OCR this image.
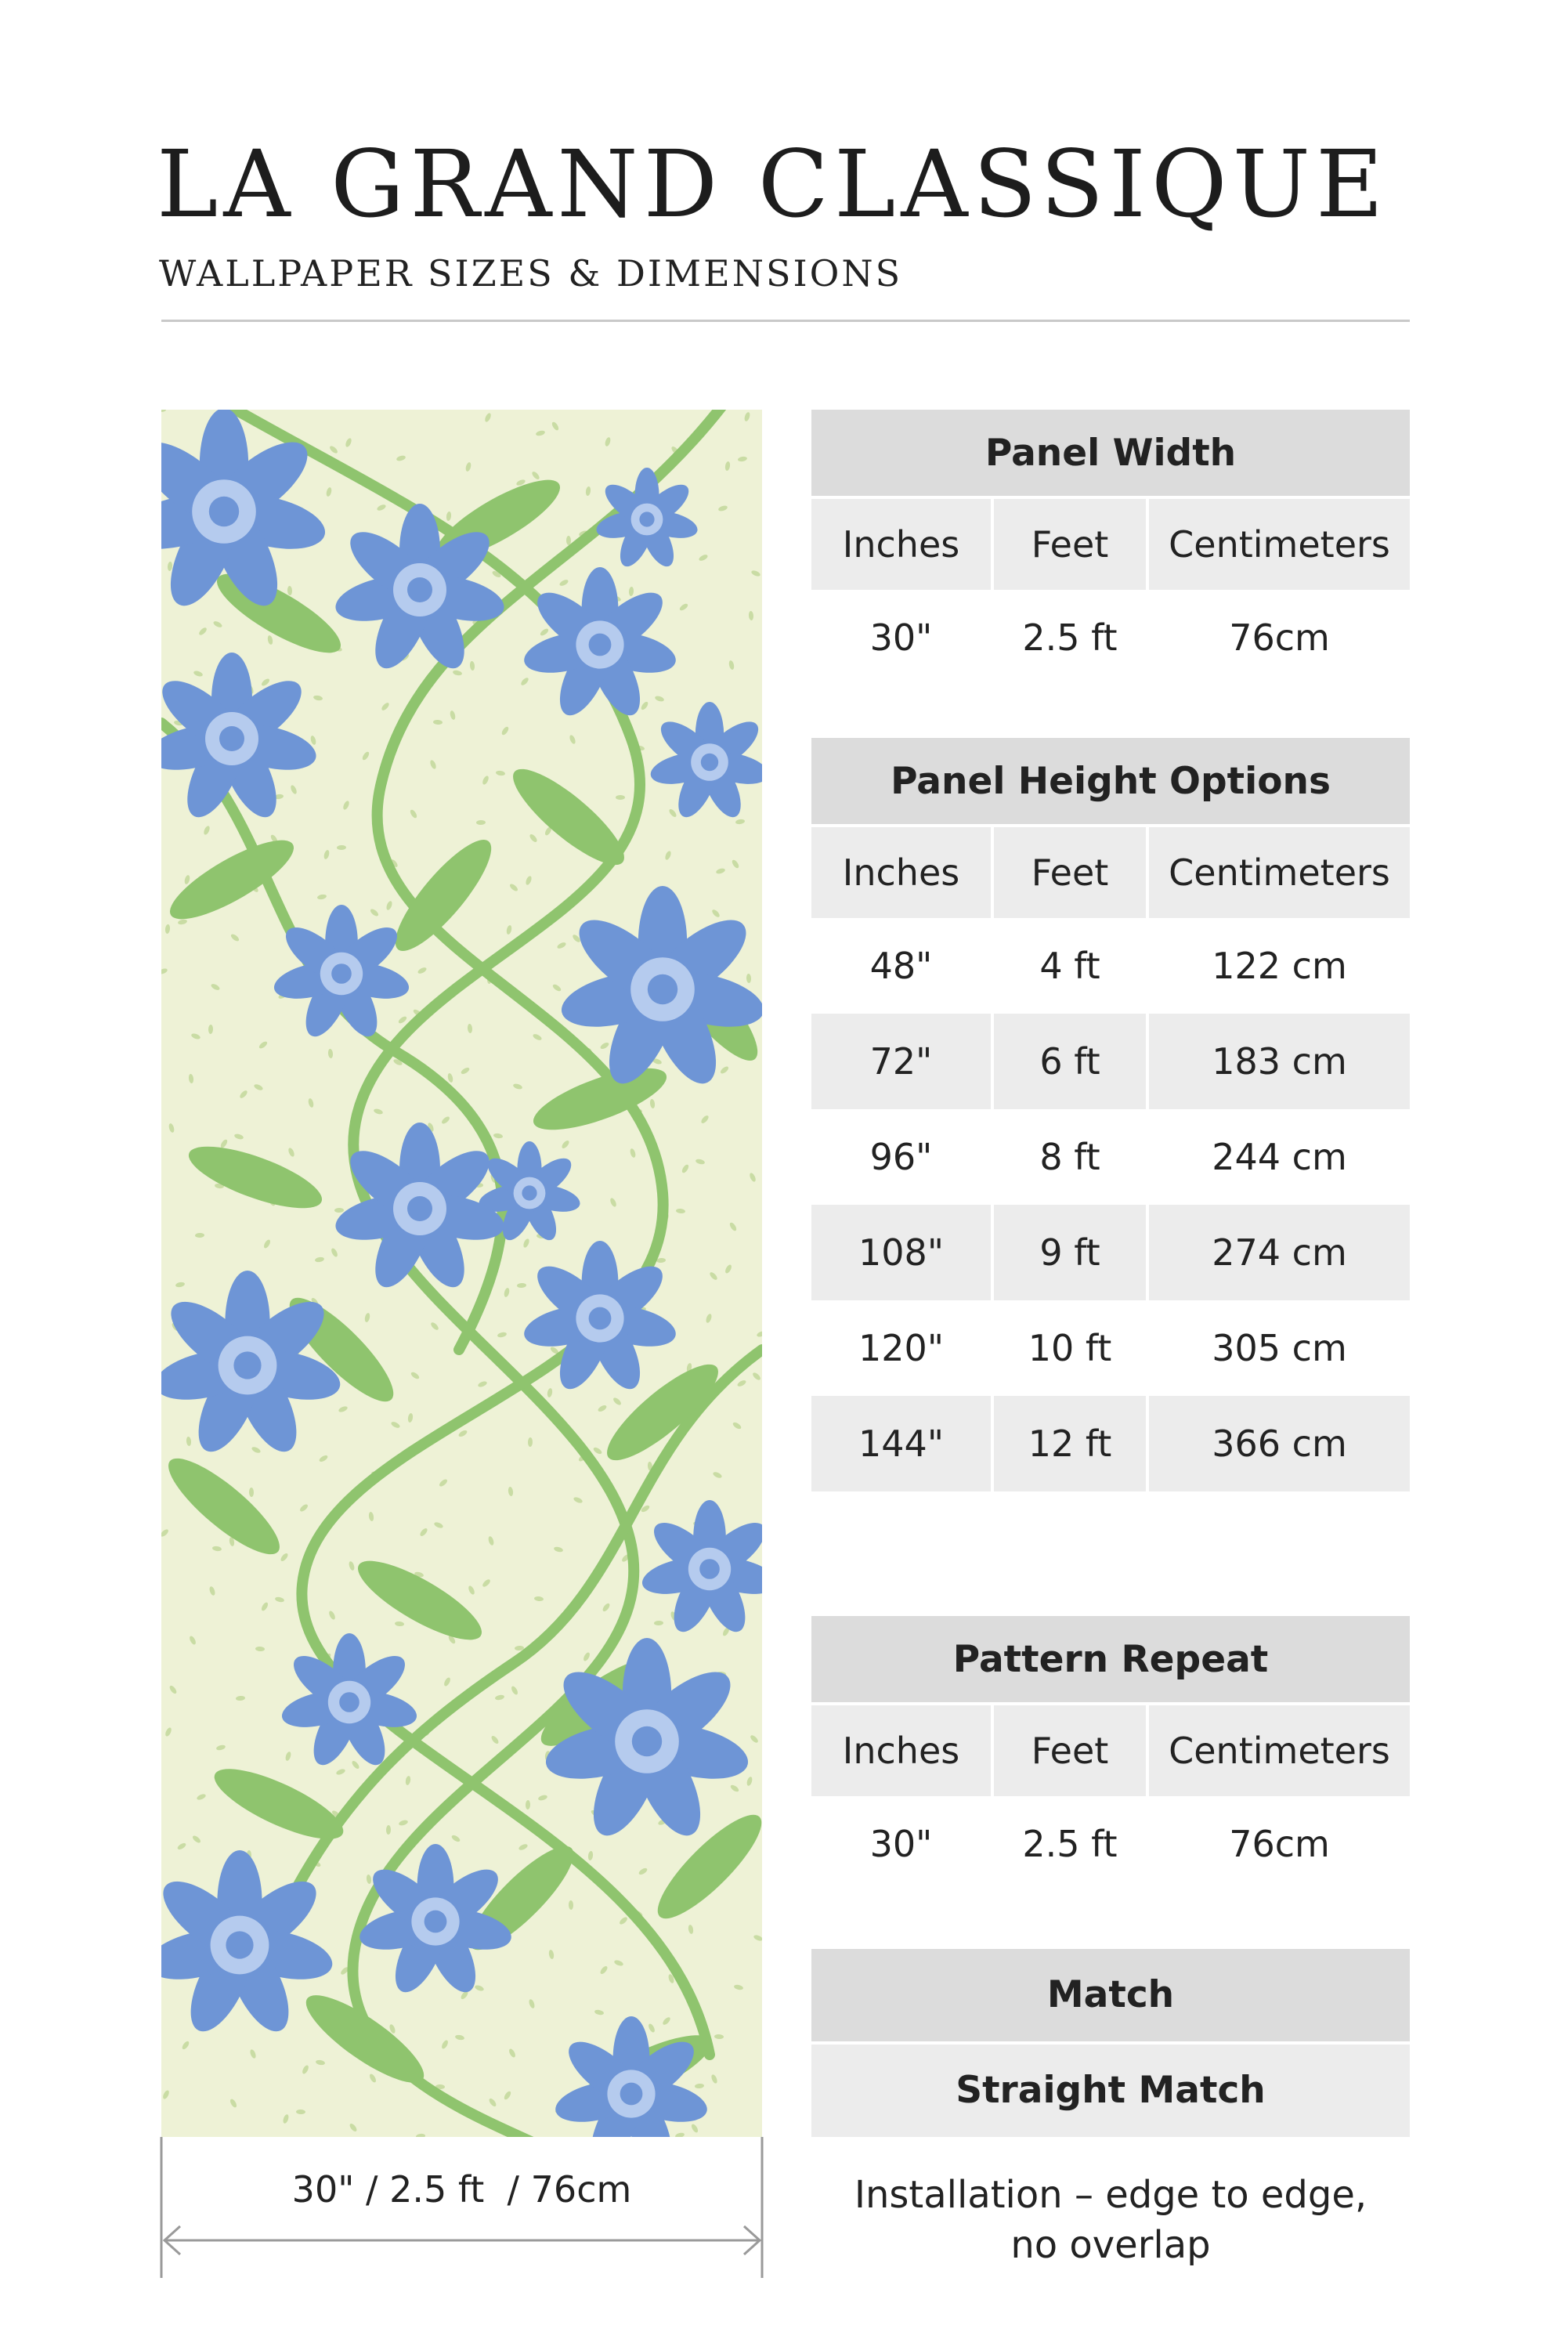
LA GRAND CLASSIQUE
WALLPAPER SIZES & DIMENSIONS
30" / 2.5 ft  / 76cm
Panel Width		
Inches	Feet	Centimeters
30"	2.5 ft	76cm
Panel Height Options		
Inches	Feet	Centimeters
48"	4 ft	122 cm
72"	6 ft	183 cm
96"	8 ft	244 cm
108"	9 ft	274 cm
120"	10 ft	305 cm
144"	12 ft	366 cm
Pattern Repeat		
Inches	Feet	Centimeters
30"	2.5 ft	76cm
Match
Straight Match
Installation – edge to edge,
no overlap
